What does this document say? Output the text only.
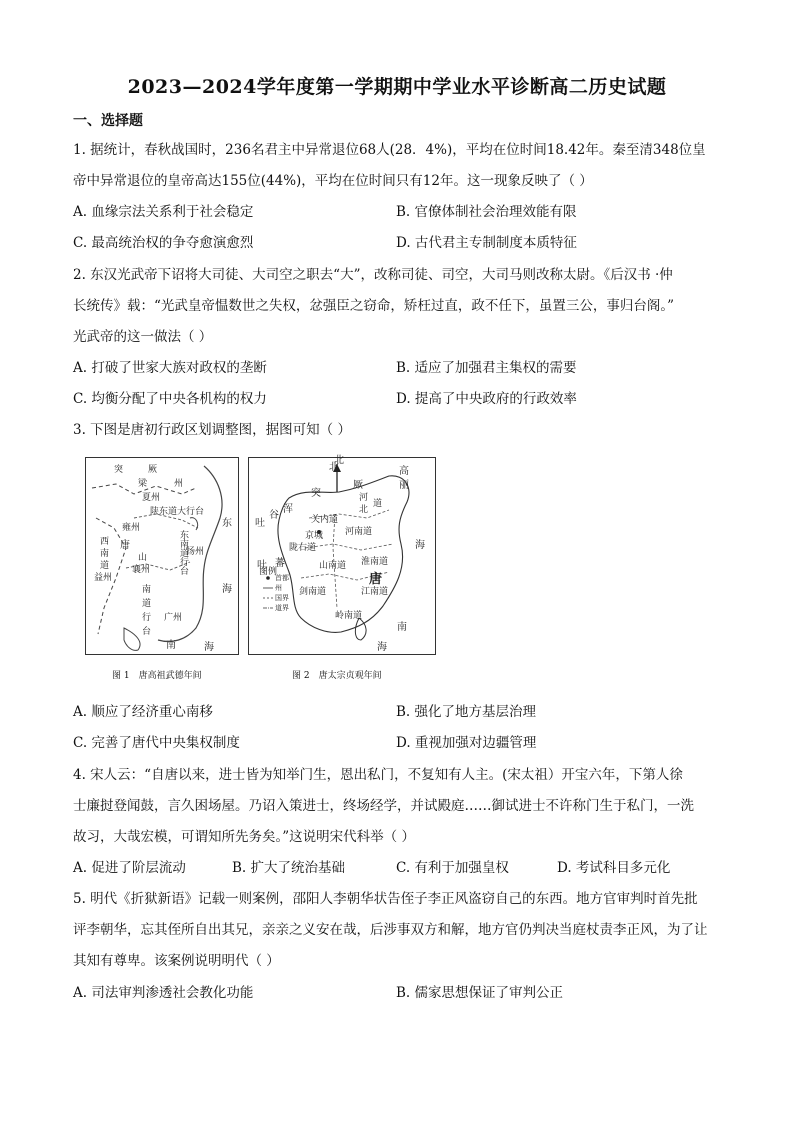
2023—2024学年度第一学期期中学业水平诊断高二历史试题
一、选择题
1. 据统计，春秋战国时，236名君主中异常退位68人(28．4%)，平均在位时间18.42年。秦至清348位皇
帝中异常退位的皇帝高达155位(44%)，平均在位时间只有12年。这一现象反映了（ ）
A. 血缘宗法关系利于社会稳定	B. 官僚体制社会治理效能有限
C. 最高统治权的争夺愈演愈烈	D. 古代君主专制制度本质特征
2. 东汉光武帝下诏将大司徒、大司空之职去“大”，改称司徒、司空，大司马则改称太尉。《后汉书 ·仲
长统传》载：“光武皇帝愠数世之失权，忿强臣之窃命，矫枉过直，政不任下，虽置三公，事归台阁。”
光武帝的这一做法（ ）
A. 打破了世家大族对政权的垄断	B. 适应了加强君主集权的需要
C. 均衡分配了中央各机构的权力	D. 提高了中央政府的行政效率
3. 下图是唐初行政区划调整图，据图可知（ ）
突	厥
梁	州
夏州
陕东道大行台
东
雍州
西
南
道
唐
益州
襄州
山
南
道
行
台
广州
扬州
东南道行台
海
南	海
图 1　唐高祖武德年间
北
突
厥
高
丽
吐
谷
浑
吐 蕃
河
北
道
京城 河南道
关内道
陇右道
剑南道	江南道
淮南道
岭南道
山南道
唐
海
南
海
图例
首都
州
国界
道界
图 2　唐太宗贞观年间
北
A. 顺应了经济重心南移	B. 强化了地方基层治理
C. 完善了唐代中央集权制度	D. 重视加强对边疆管理
4. 宋人云：“自唐以来，进士皆为知举门生，恩出私门，不复知有人主。(宋太祖）开宝六年，下第人徐
士廉挝登闻鼓，言久困场屋。乃诏入策进士，终场经学，并试殿庭……御试进士不许称门生于私门，一洗
故习，大哉宏模，可谓知所先务矣。”这说明宋代科举（ ）
A. 促进了阶层流动	B. 扩大了统治基础	C. 有利于加强皇权	D. 考试科目多元化
5. 明代《折狱新语》记载一则案例，邵阳人李朝华状告侄子李正风盗窃自己的东西。地方官审判时首先批
评李朝华，忘其侄所自出其兄，亲亲之义安在哉，后涉事双方和解，地方官仍判决当庭杖责李正风，为了让
其知有尊卑。该案例说明明代（ ）
A. 司法审判渗透社会教化功能	B. 儒家思想保证了审判公正
